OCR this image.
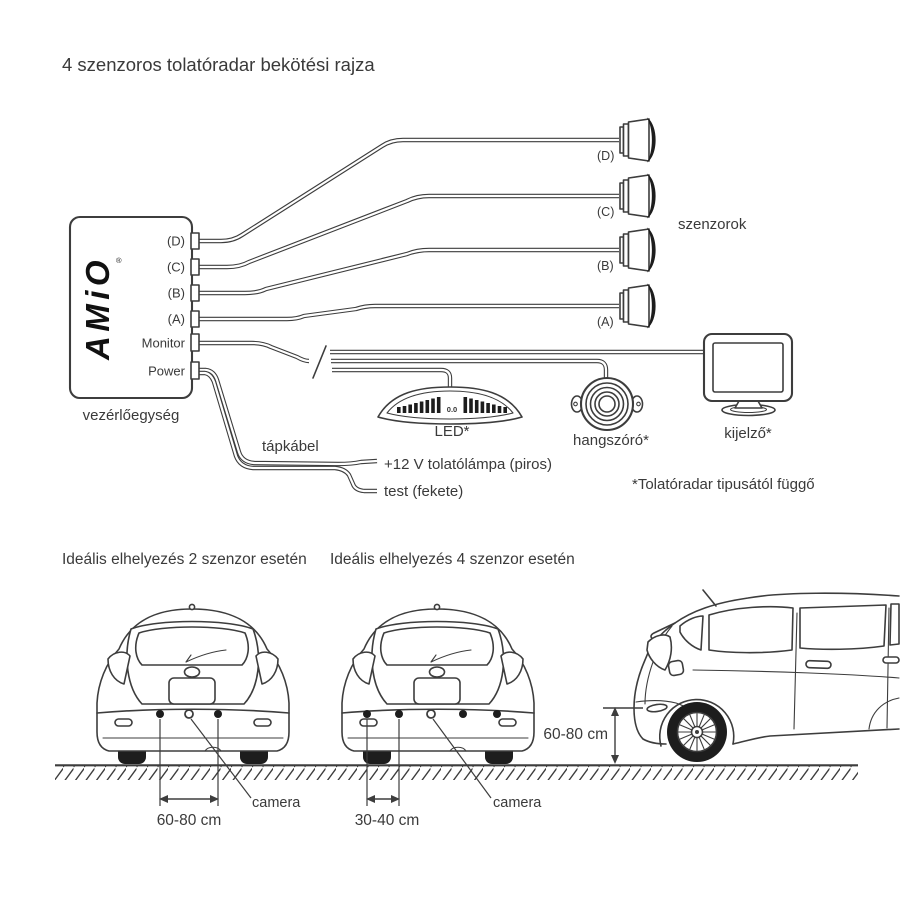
4 szenzoros tolatóradar bekötési rajza
AMiO
®
(D)
(C)
(B)
(A)
Monitor
Power
vezérlőegység
(D)
(C)
(B)
(A)
szenzorok
kijelző*
0.0
LED*
hangszóró*
tápkábel
+12 V tolatólámpa (piros)
test (fekete)	*Tolatóradar tipusától függő
Ideális elhelyezés 2 szenzor esetén Ideális elhelyezés 4 szenzor esetén
60-80 cm
camera
30-40 cm
camera
60-80 cm
